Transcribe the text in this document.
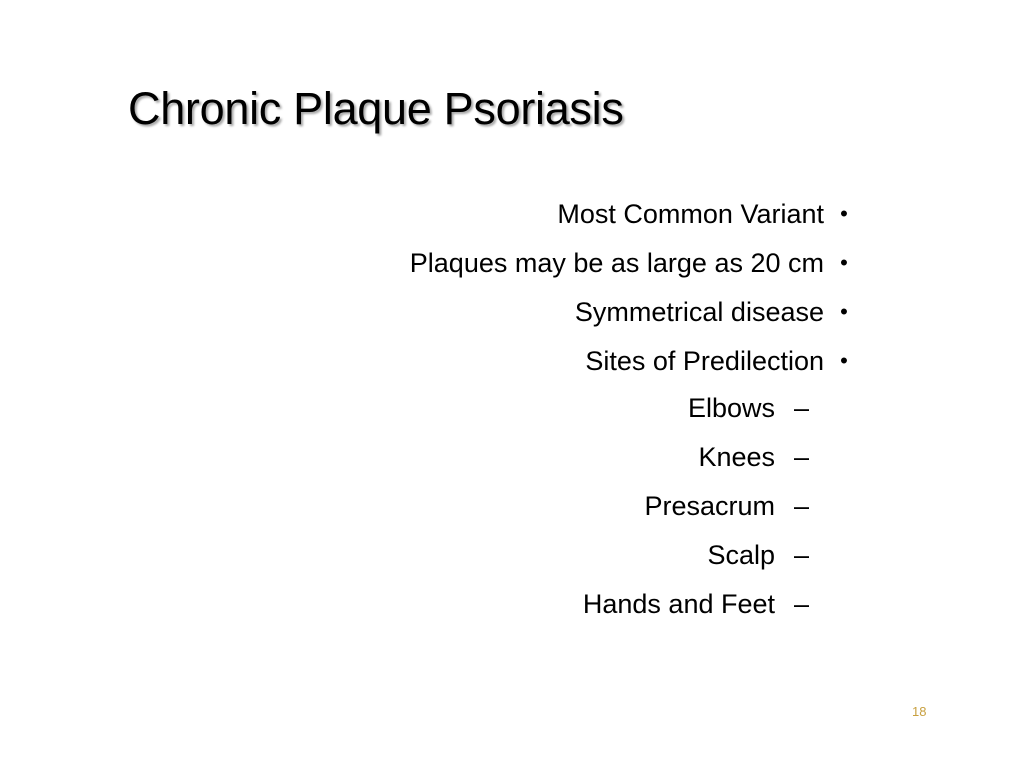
Chronic Plaque Psoriasis
Most Common Variant •
Plaques may be as large as 20 cm •
Symmetrical disease •
Sites of Predilection •
Elbows –
Knees –
Presacrum –
Scalp –
Hands and Feet –
18
